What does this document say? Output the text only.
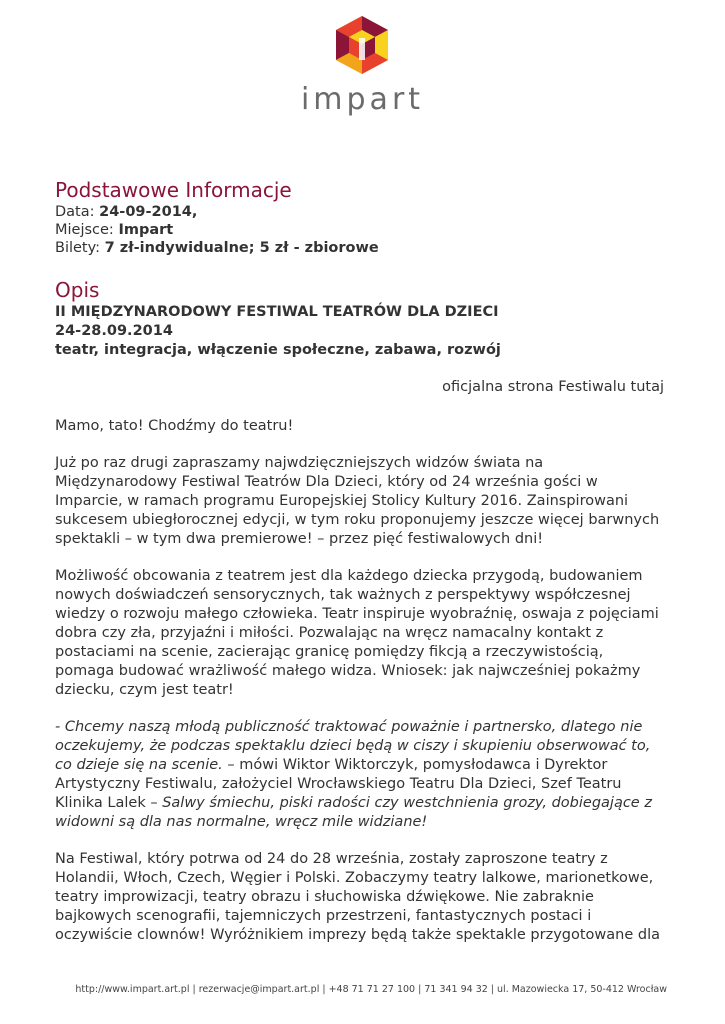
impart
Podstawowe Informacje

Data: 24-09-2014,

Miejsce: Impart

Bilety: 7 zł-indywidualne; 5 zł - zbiorowe

Opis

II MIĘDZYNARODOWY FESTIWAL TEATRÓW DLA DZIECI

24-28.09.2014

teatr, integracja, włączenie społeczne, zabawa, rozwój

oficjalna strona Festiwalu tutaj

Mamo, tato! Chodźmy do teatru!

Już po raz drugi zapraszamy najwdzięczniejszych widzów świata na
Międzynarodowy Festiwal Teatrów Dla Dzieci, który od 24 września gości w
Imparcie, w ramach programu Europejskiej Stolicy Kultury 2016. Zainspirowani
sukcesem ubiegłorocznej edycji, w tym roku proponujemy jeszcze więcej barwnych
spektakli – w tym dwa premierowe! – przez pięć festiwalowych dni!

Możliwość obcowania z teatrem jest dla każdego dziecka przygodą, budowaniem
nowych doświadczeń sensorycznych, tak ważnych z perspektywy współczesnej
wiedzy o rozwoju małego człowieka. Teatr inspiruje wyobraźnię, oswaja z pojęciami
dobra czy zła, przyjaźni i miłości. Pozwalając na wręcz namacalny kontakt z
postaciami na scenie, zacierając granicę pomiędzy fikcją a rzeczywistością,
pomaga budować wrażliwość małego widza. Wniosek: jak najwcześniej pokażmy
dziecku, czym jest teatr!

- Chcemy naszą młodą publiczność traktować poważnie i partnersko, dlatego nie
oczekujemy, że podczas spektaklu dzieci będą w ciszy i skupieniu obserwować to,
co dzieje się na scenie. – mówi Wiktor Wiktorczyk, pomysłodawca i Dyrektor
Artystyczny Festiwalu, założyciel Wrocławskiego Teatru Dla Dzieci, Szef Teatru
Klinika Lalek – Salwy śmiechu, piski radości czy westchnienia grozy, dobiegające z
widowni są dla nas normalne, wręcz mile widziane!

Na Festiwal, który potrwa od 24 do 28 września, zostały zaproszone teatry z
Holandii, Włoch, Czech, Węgier i Polski. Zobaczymy teatry lalkowe, marionetkowe,
teatry improwizacji, teatry obrazu i słuchowiska dźwiękowe. Nie zabraknie
bajkowych scenografii, tajemniczych przestrzeni, fantastycznych postaci i
oczywiście clownów! Wyróżnikiem imprezy będą także spektakle przygotowane dla

http://www.impart.art.pl | rezerwacje@impart.art.pl | +48 71 71 27 100 | 71 341 94 32 | ul. Mazowiecka 17, 50-412 Wrocław
